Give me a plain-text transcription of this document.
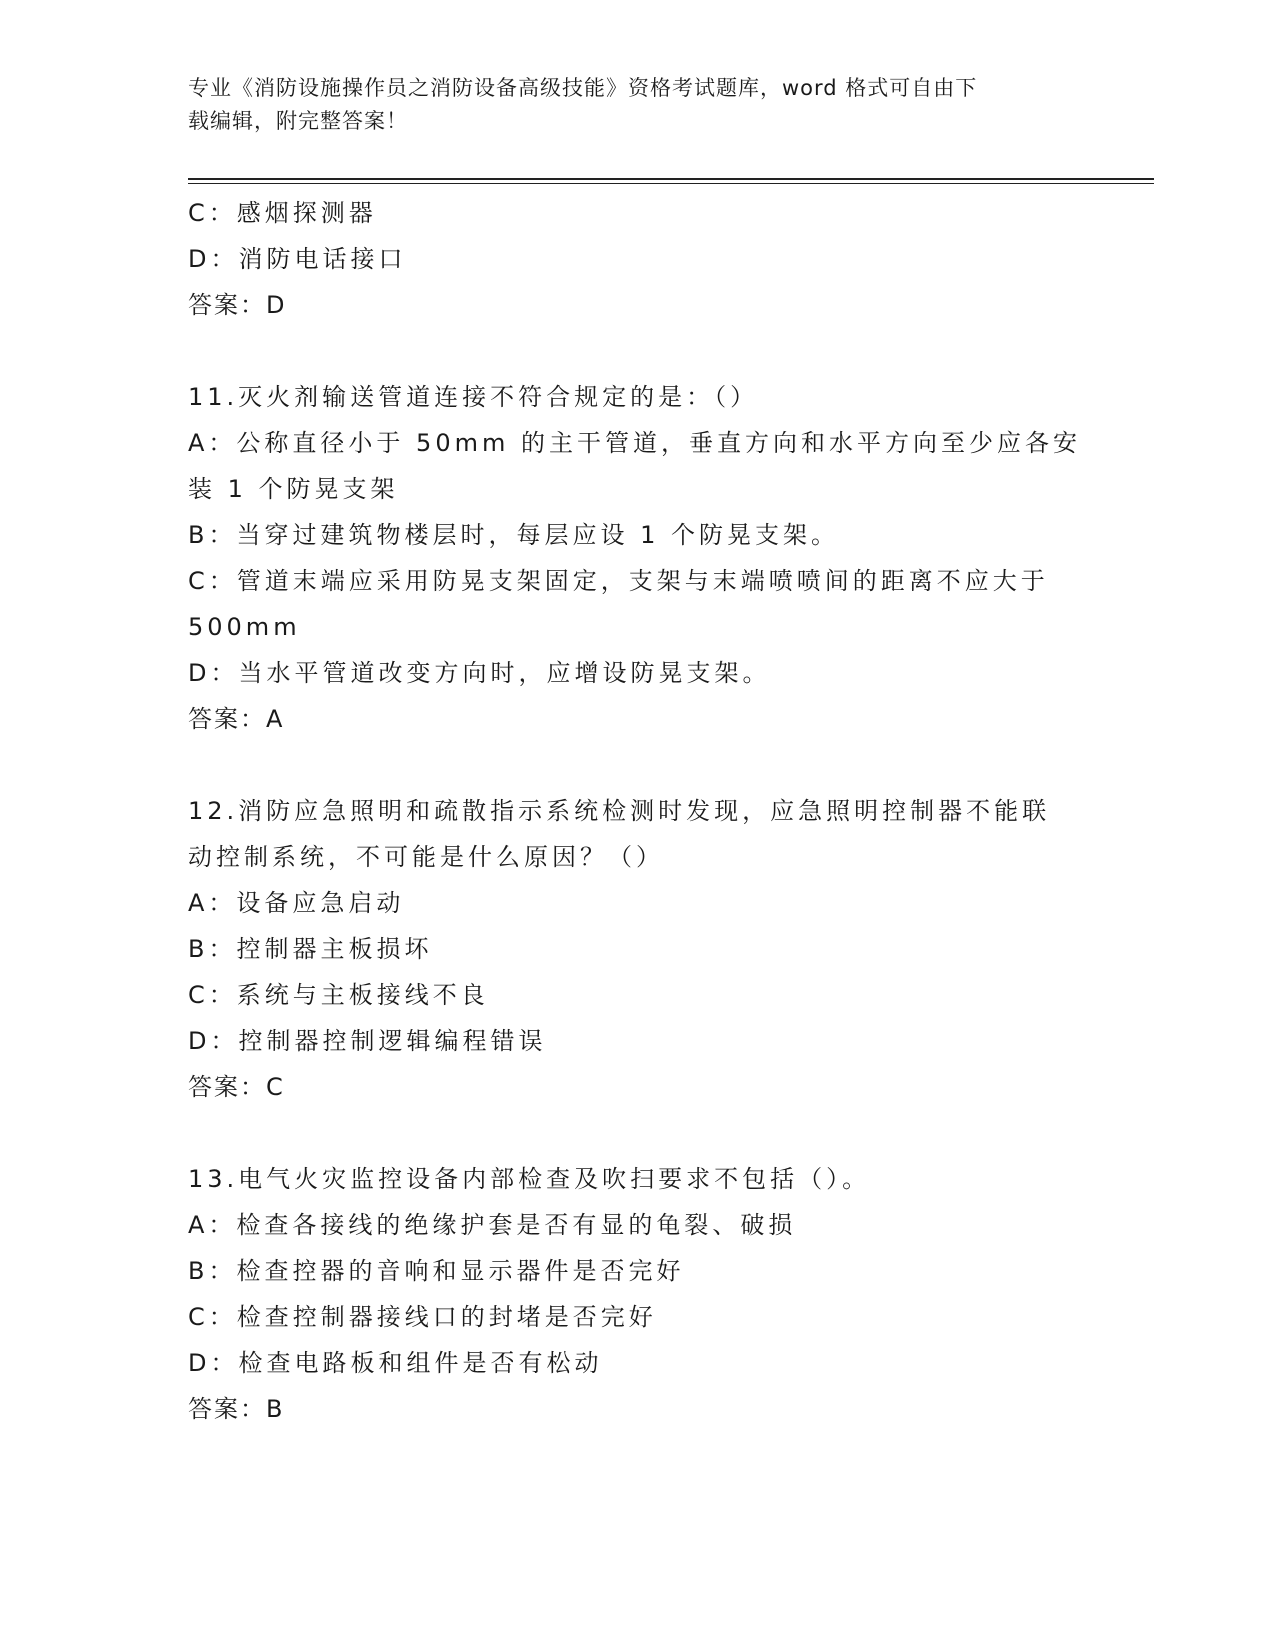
专业《消防设施操作员之消防设备高级技能》资格考试题库，word 格式可自由下
载编辑，附完整答案！
C：感烟探测器
D：消防电话接口
答案：D
11.灭火剂输送管道连接不符合规定的是：（）
A：公称直径小于 50mm 的主干管道，垂直方向和水平方向至少应各安
装 1 个防晃支架
B：当穿过建筑物楼层时，每层应设 1 个防晃支架。
C：管道末端应采用防晃支架固定，支架与末端喷喷间的距离不应大于
500mm
D：当水平管道改变方向时，应增设防晃支架。
答案：A
12.消防应急照明和疏散指示系统检测时发现，应急照明控制器不能联
动控制系统，不可能是什么原因？（）
A：设备应急启动
B：控制器主板损坏
C：系统与主板接线不良
D：控制器控制逻辑编程错误
答案：C
13.电气火灾监控设备内部检查及吹扫要求不包括（）。
A：检查各接线的绝缘护套是否有显的龟裂、破损
B：检查控器的音响和显示器件是否完好
C：检查控制器接线口的封堵是否完好
D：检查电路板和组件是否有松动
答案：B
